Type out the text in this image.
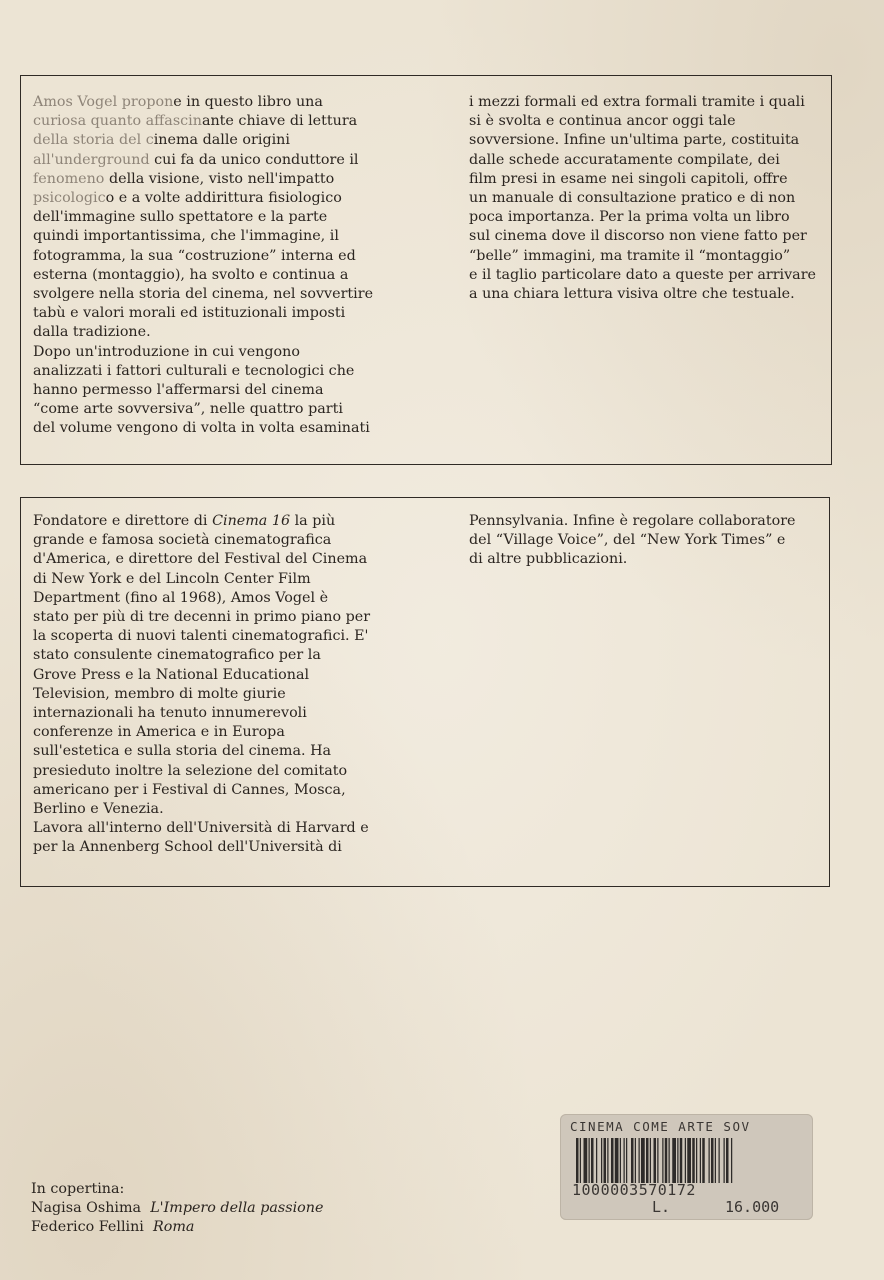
Amos Vogel propone in questo libro una
curiosa quanto affascinante chiave di lettura
della storia del cinema dalle origini
all'underground cui fa da unico conduttore il
fenomeno della visione, visto nell'impatto
psicologico e a volte addirittura fisiologico
dell'immagine sullo spettatore e la parte
quindi importantissima, che l'immagine, il
fotogramma, la sua “costruzione” interna ed
esterna (montaggio), ha svolto e continua a
svolgere nella storia del cinema, nel sovvertire
tabù e valori morali ed istituzionali imposti
dalla tradizione.
Dopo un'introduzione in cui vengono
analizzati i fattori culturali e tecnologici che
hanno permesso l'affermarsi del cinema
“come arte sovversiva”, nelle quattro parti
del volume vengono di volta in volta esaminati
i mezzi formali ed extra formali tramite i quali
si è svolta e continua ancor oggi tale
sovversione. Infine un'ultima parte, costituita
dalle schede accuratamente compilate, dei
film presi in esame nei singoli capitoli, offre
un manuale di consultazione pratico e di non
poca importanza. Per la prima volta un libro
sul cinema dove il discorso non viene fatto per
“belle” immagini, ma tramite il “montaggio”
e il taglio particolare dato a queste per arrivare
a una chiara lettura visiva oltre che testuale.
Fondatore e direttore di Cinema 16 la più
grande e famosa società cinematografica
d'America, e direttore del Festival del Cinema
di New York e del Lincoln Center Film
Department (fino al 1968), Amos Vogel è
stato per più di tre decenni in primo piano per
la scoperta di nuovi talenti cinematografici. E'
stato consulente cinematografico per la
Grove Press e la National Educational
Television, membro di molte giurie
internazionali ha tenuto innumerevoli
conferenze in America e in Europa
sull'estetica e sulla storia del cinema. Ha
presieduto inoltre la selezione del comitato
americano per i Festival di Cannes, Mosca,
Berlino e Venezia.
Lavora all'interno dell'Università di Harvard e
per la Annenberg School dell'Università di
Pennsylvania. Infine è regolare collaboratore
del “Village Voice”, del “New York Times” e
di altre pubblicazioni.
In copertina:
Nagisa Oshima L'Impero della passione
Federico Fellini Roma
CINEMA COME ARTE SOV
1000003570172
L.	16.000
